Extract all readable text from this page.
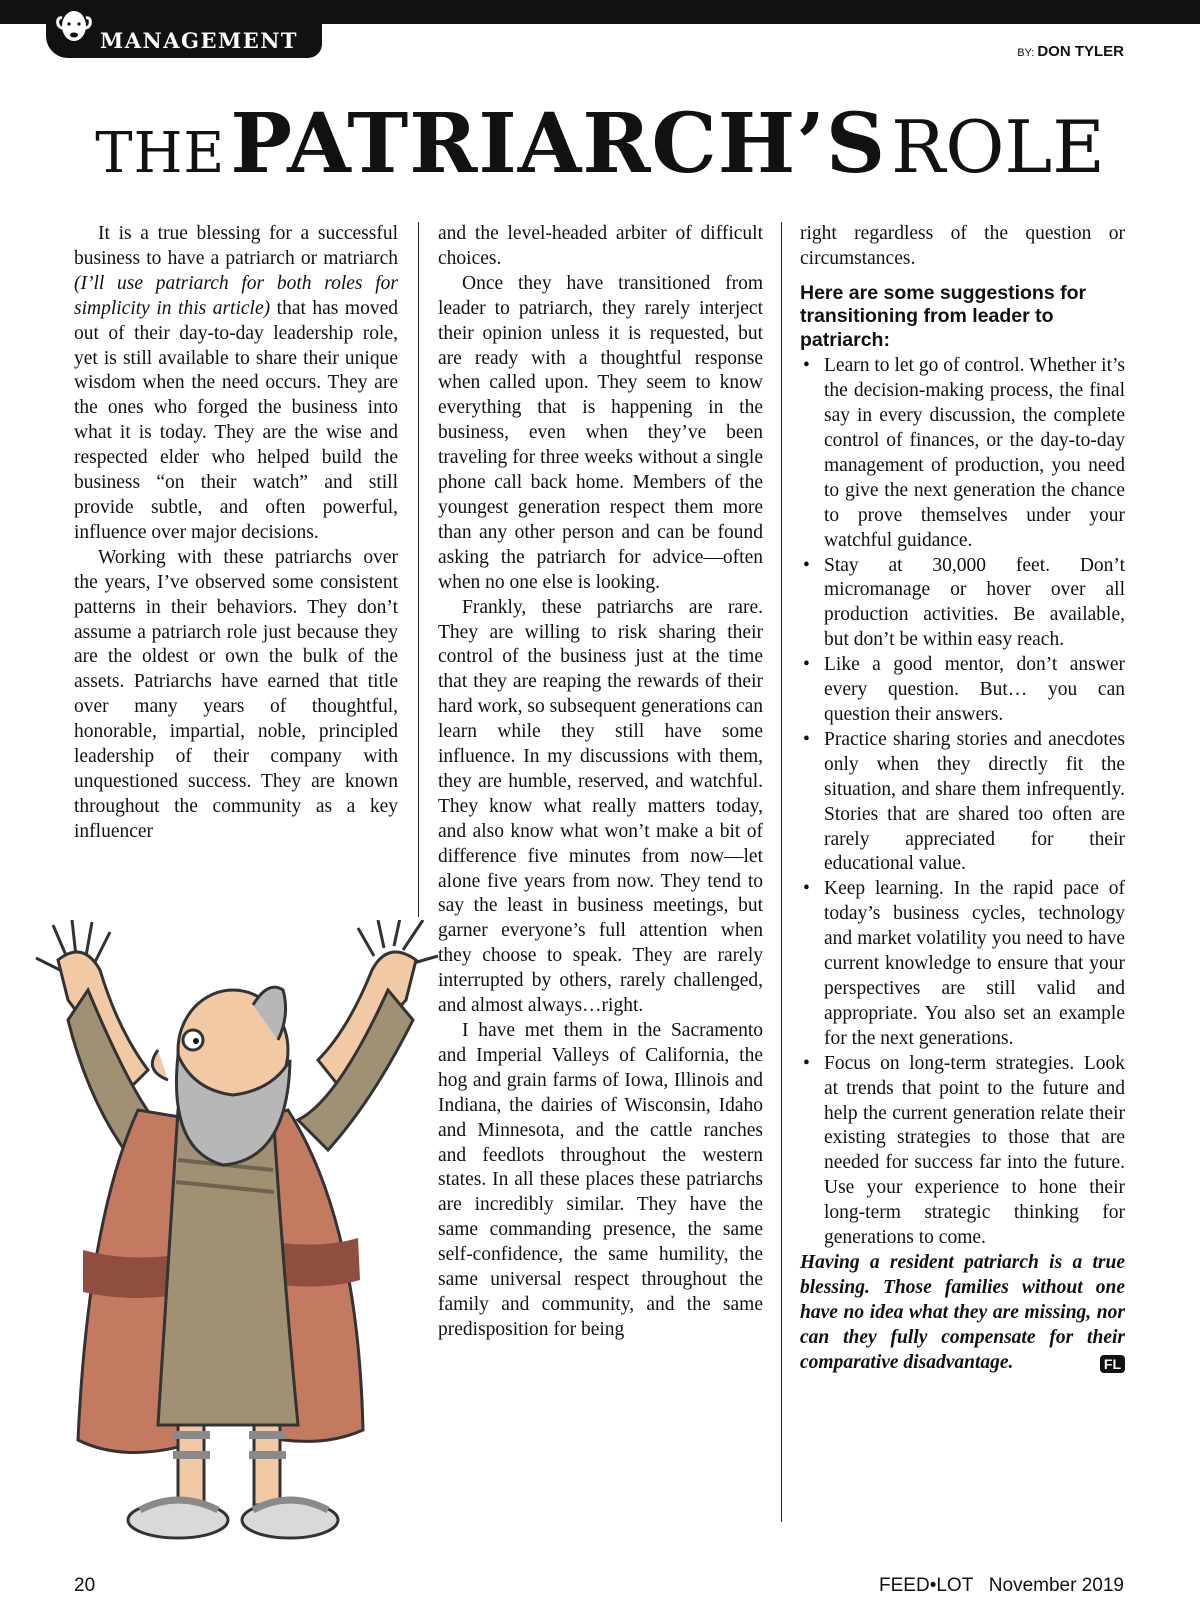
MANAGEMENT	BY: DON TYLER
THE PATRIARCH’S ROLE

It is a true blessing for a successful business to have a patriarch or matriarch (I’ll use patriarch for both roles for simplicity in this article) that has moved out of their day-to-day leadership role, yet is still available to share their unique wisdom when the need occurs. They are the ones who forged the business into what it is today. They are the wise and respected elder who helped build the business “on their watch” and still provide subtle, and often powerful, influence over major decisions.

Working with these patriarchs over the years, I’ve observed some consistent patterns in their behaviors. They don’t assume a patriarch role just because they are the oldest or own the bulk of the assets. Patriarchs have earned that title over many years of thoughtful, honorable, impartial, noble, principled leadership of their company with unquestioned success. They are known throughout the community as a key influencer

and the level-headed arbiter of difficult choices.

Once they have transitioned from leader to patriarch, they rarely interject their opinion unless it is requested, but are ready with a thoughtful response when called upon. They seem to know everything that is happening in the business, even when they’ve been traveling for three weeks without a single phone call back home. Members of the youngest generation respect them more than any other person and can be found asking the patriarch for advice—often when no one else is looking.

Frankly, these patriarchs are rare. They are willing to risk sharing their control of the business just at the time that they are reaping the rewards of their hard work, so subsequent generations can learn while they still have some influence. In my discussions with them, they are humble, reserved, and watchful. They know what really matters today, and also know what won’t make a bit of difference five minutes from now—let alone five years from now. They tend to say the least in business meetings, but garner everyone’s full attention when they choose to speak. They are rarely interrupted by others, rarely challenged, and almost always…right.

I have met them in the Sacramento and Imperial Valleys of California, the hog and grain farms of Iowa, Illinois and Indiana, the dairies of Wisconsin, Idaho and Minnesota, and the cattle ranches and feedlots throughout the western states. In all these places these patriarchs are incredibly similar. They have the same commanding presence, the same self-confidence, the same humility, the same universal respect throughout the family and community, and the same predisposition for being

right regardless of the question or circumstances.

Here are some suggestions for transitioning from leader to patriarch:
• Learn to let go of control. Whether it’s the decision-making process, the final say in every discussion, the complete control of finances, or the day-to-day management of production, you need to give the next generation the chance to prove themselves under your watchful guidance.
• Stay at 30,000 feet. Don’t micromanage or hover over all production activities. Be available, but don’t be within easy reach.
• Like a good mentor, don’t answer every question. But… you can question their answers.
• Practice sharing stories and anecdotes only when they directly fit the situation, and share them infrequently. Stories that are shared too often are rarely appreciated for their educational value.
• Keep learning. In the rapid pace of today’s business cycles, technology and market volatility you need to have current knowledge to ensure that your perspectives are still valid and appropriate. You also set an example for the next generations.
• Focus on long-term strategies. Look at trends that point to the future and help the current generation relate their existing strategies to those that are needed for success far into the future. Use your experience to hone their long-term strategic thinking for generations to come.

Having a resident patriarch is a true blessing. Those families without one have no idea what they are missing, nor can they fully compensate for their comparative disadvantage.	FL

20	FEED•LOT   November 2019
